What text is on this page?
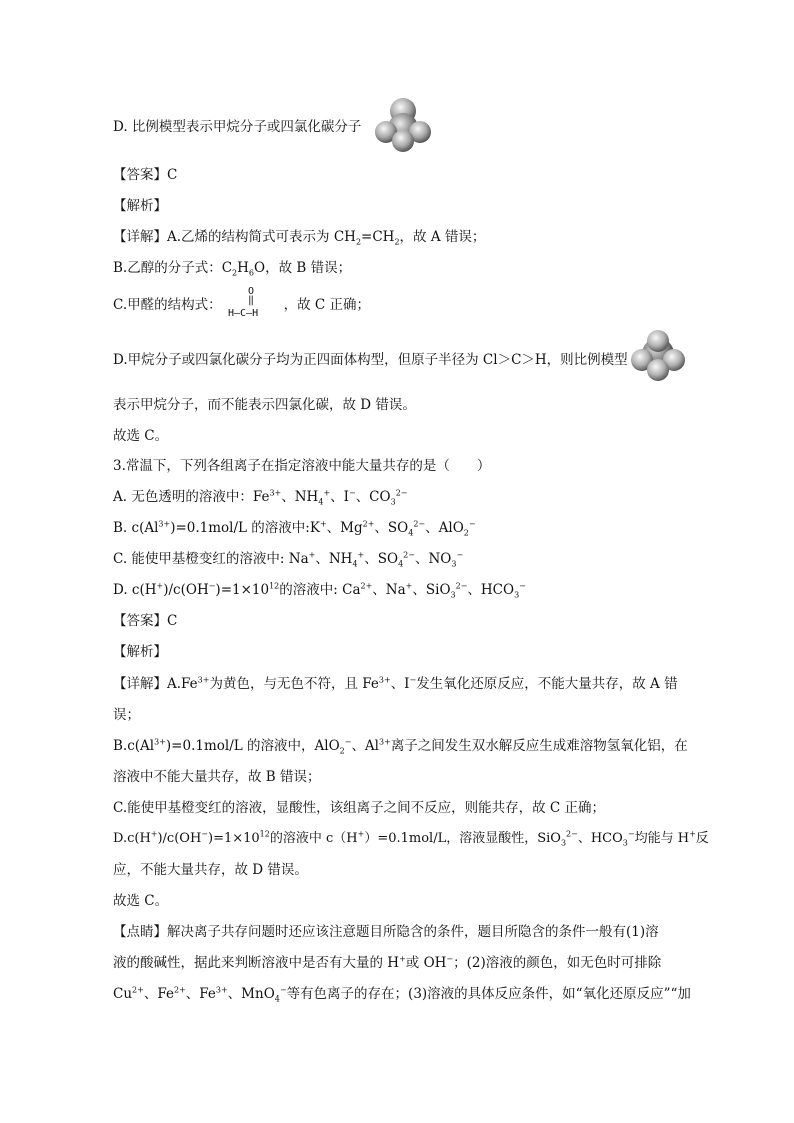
D. 比例模型表示甲烷分子或四氯化碳分子
【答案】C
【解析】
【详解】A.乙烯的结构简式可表示为 $CH_2=CH_2$，故 A 错误；
B.乙醇的分子式：$C_2H_6O$，故 B 错误；
C.甲醛的结构式：	，故 C 正确；
O
‖
H—C—H
D.甲烷分子或四氯化碳分子均为正四面体构型，但原子半径为 Cl＞C＞H，则比例模型
表示甲烷分子，而不能表示四氯化碳，故 D 错误。
故选 C。
3.常温下，下列各组离子在指定溶液中能大量共存的是（　　）
A. 无色透明的溶液中：$Fe^{3+}$、$NH_4^+$、I−、$CO_3^{2-}$
B. $c(Al^{3+})=0.1mol/L$ 的溶液中:K+、$Mg^{2+}$、$SO_4^{2-}$、AlO$_2$−
C. 能使甲基橙变红的溶液中: Na+、$NH_4^+$、$SO_4^{2-}$、$NO_3^-$
D. $c(H^+)/c(OH^-)=1\times 10^{12}$的溶液中: $Ca^{2+}$、Na+、SiO$_3^{2-}$、$HCO_3^-$
【答案】C
【解析】
【详解】$A.Fe^{3+}$为黄色，与无色不符，且 $Fe^{3+}$、I−发生氧化还原反应，不能大量共存，故 A 错
误；
$B.c(Al^{3+})=0.1mol/L$ 的溶液中，AlO$_2$−、$Al^{3+}$离子之间发生双水解反应生成难溶物氢氧化铝，在
溶液中不能大量共存，故 B 错误；
C.能使甲基橙变红的溶液，显酸性，该组离子之间不反应，则能共存，故 C 正确；
$D.c(H^+)/c(OH^-)=1\times 10^{12}$的溶液中 c（H+）=0.1mol/L，溶液显酸性，SiO$_3^{2-}$、$HCO_3^-$均能与 H+反
应，不能大量共存，故 D 错误。
故选 C。
【点睛】解决离子共存问题时还应该注意题目所隐含的条件，题目所隐含的条件一般有(1)溶
液的酸碱性，据此来判断溶液中是否有大量的 H+或 OH−；(2)溶液的颜色，如无色时可排除
$Cu^{2+}$、$Fe^{2+}$、$Fe^{3+}$、MnO$_4$−等有色离子的存在；(3)溶液的具体反应条件，如“氧化还原反应”“加
